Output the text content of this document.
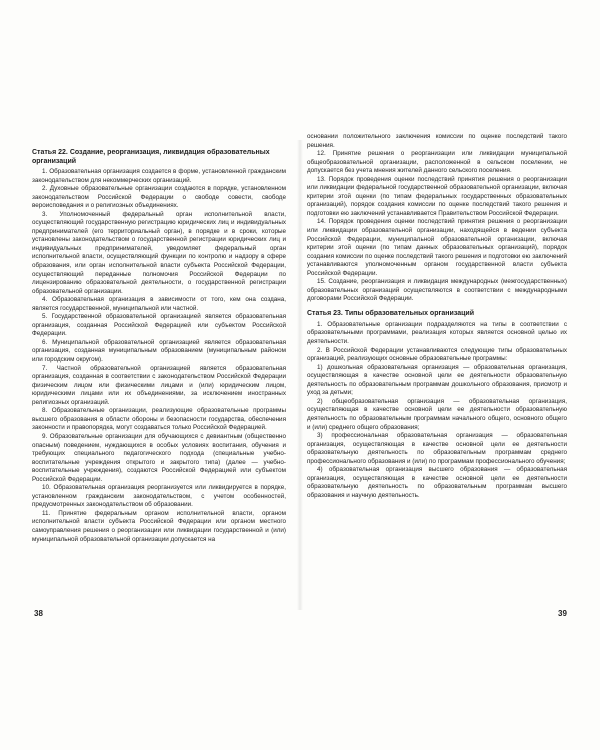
Статья 22. Создание, реорганизация, ликвидация образовательных организаций

1. Образовательная организация создается в форме, установленной гражданским законодательством для некоммерческих организаций.

2. Духовные образовательные организации создаются в порядке, установленном законодательством Российской Федерации о свободе совести, свободе вероисповедания и о религиозных объединениях.

3. Уполномоченный федеральный орган исполнительной власти, осуществляющий государственную регистрацию юридических лиц и индивидуальных предпринимателей (его территориальный орган), в порядке и в сроки, которые установлены законодательством о государственной регистрации юридических лиц и индивидуальных предпринимателей, уведомляет федеральный орган исполнительной власти, осуществляющий функции по контролю и надзору в сфере образования, или орган исполнительной власти субъекта Российской Федерации, осуществляющий переданные полномочия Российской Федерации по лицензированию образовательной деятельности, о государственной регистрации образовательной организации.

4. Образовательная организация в зависимости от того, кем она создана, является государственной, муниципальной или частной.

5. Государственной образовательной организацией является образовательная организация, созданная Российской Федерацией или субъектом Российской Федерации.

6. Муниципальной образовательной организацией является образовательная организация, созданная муниципальным образованием (муниципальным районом или городским округом).

7. Частной образовательной организацией является образовательная организация, созданная в соответствии с законодательством Российской Федерации физическим лицом или физическими лицами и (или) юридическим лицом, юридическими лицами или их объединениями, за исключением иностранных религиозных организаций.

8. Образовательные организации, реализующие образовательные программы высшего образования в области обороны и безопасности государства, обеспечения законности и правопорядка, могут создаваться только Российской Федерацией.

9. Образовательные организации для обучающихся с девиантным (общественно опасным) поведением, нуждающихся в особых условиях воспитания, обучения и требующих специального педагогического подхода (специальные учебно-воспитательные учреждения открытого и закрытого типа) (далее — учебно-воспитательные учреждения), создаются Российской Федерацией или субъектом Российской Федерации.

10. Образовательная организация реорганизуется или ликвидируется в порядке, установленном гражданским законодательством, с учетом особенностей, предусмотренных законодательством об образовании.

11. Принятие федеральным органом исполнительной власти, органом исполнительной власти субъекта Российской Федерации или органом местного самоуправления решения о реорганизации или ликвидации государственной и (или) муниципальной образовательной организации допускается на

38

основании положительного заключения комиссии по оценке последствий такого решения.

12. Принятие решения о реорганизации или ликвидации муниципальной общеобразовательной организации, расположенной в сельском поселении, не допускается без учета мнения жителей данного сельского поселения.

13. Порядок проведения оценки последствий принятия решения о реорганизации или ликвидации федеральной государственной образовательной организации, включая критерии этой оценки (по типам федеральных государственных образовательных организаций), порядок создания комиссии по оценке последствий такого решения и подготовки ею заключений устанавливается Правительством Российской Федерации.

14. Порядок проведения оценки последствий принятия решения о реорганизации или ликвидации образовательной организации, находящейся в ведении субъекта Российской Федерации, муниципальной образовательной организации, включая критерии этой оценки (по типам данных образовательных организаций), порядок создания комиссии по оценке последствий такого решения и подготовки ею заключений устанавливаются уполномоченным органом государственной власти субъекта Российской Федерации.

15. Создание, реорганизация и ликвидация международных (межгосударственных) образовательных организаций осуществляются в соответствии с международными договорами Российской Федерации.

Статья 23. Типы образовательных организаций

1. Образовательные организации подразделяются на типы в соответствии с образовательными программами, реализация которых является основной целью их деятельности.

2. В Российской Федерации устанавливаются следующие типы образовательных организаций, реализующих основные образовательные программы:

1) дошкольная образовательная организация — образовательная организация, осуществляющая в качестве основной цели ее деятельности образовательную деятельность по образовательным программам дошкольного образования, присмотр и уход за детьми;

2) общеобразовательная организация — образовательная организация, осуществляющая в качестве основной цели ее деятельности образовательную деятельность по образовательным программам начального общего, основного общего и (или) среднего общего образования;

3) профессиональная образовательная организация — образовательная организация, осуществляющая в качестве основной цели ее деятельности образовательную деятельность по образовательным программам среднего профессионального образования и (или) по программам профессионального обучения;

4) образовательная организация высшего образования — образовательная организация, осуществляющая в качестве основной цели ее деятельности образовательную деятельность по образовательным программам высшего образования и научную деятельность.

39
